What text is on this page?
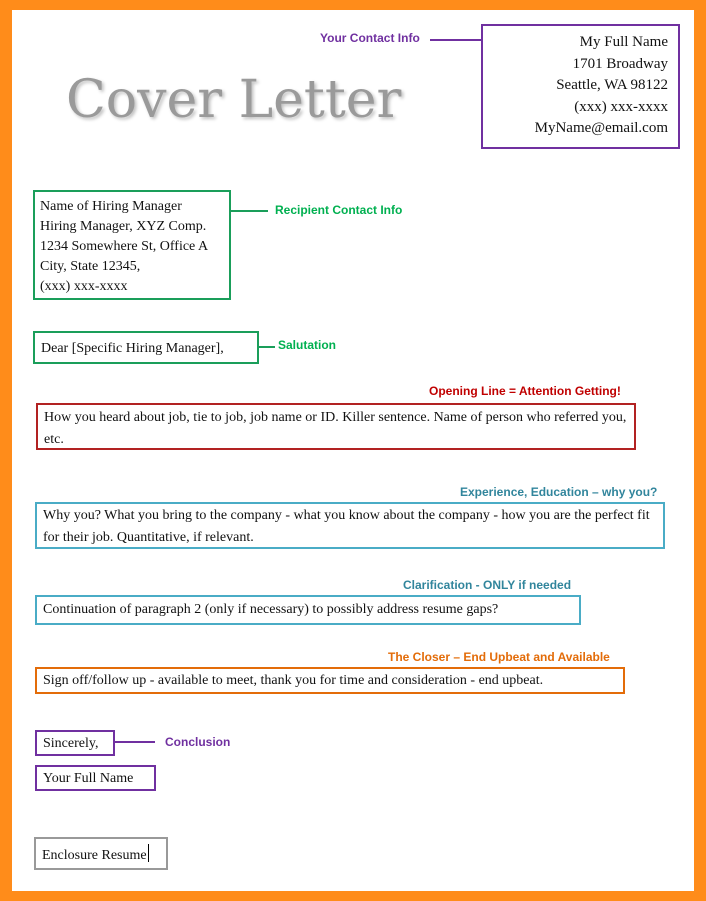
Cover Letter
Your Contact Info	My Full Name
1701 Broadway
Seattle, WA 98122
(xxx) xxx-xxxx
MyName@email.com
Name of Hiring Manager
Hiring Manager, XYZ Comp.
1234 Somewhere St, Office A
City, State 12345,
(xxx) xxx-xxxx
Recipient Contact Info
Dear [Specific Hiring Manager],	Salutation
Opening Line = Attention Getting!
How you heard about job, tie to job, job name or ID. Killer sentence. Name of person who referred you, etc.
Experience, Education – why you?
Why you? What you bring to the company - what you know about the company - how you are the perfect fit for their job. Quantitative, if relevant.
Clarification - ONLY if needed
Continuation of paragraph 2 (only if necessary) to possibly address resume gaps?
The Closer – End Upbeat and Available
Sign off/follow up - available to meet, thank you for time and consideration - end upbeat.
Sincerely,	Conclusion
Your Full Name
Enclosure Resume
